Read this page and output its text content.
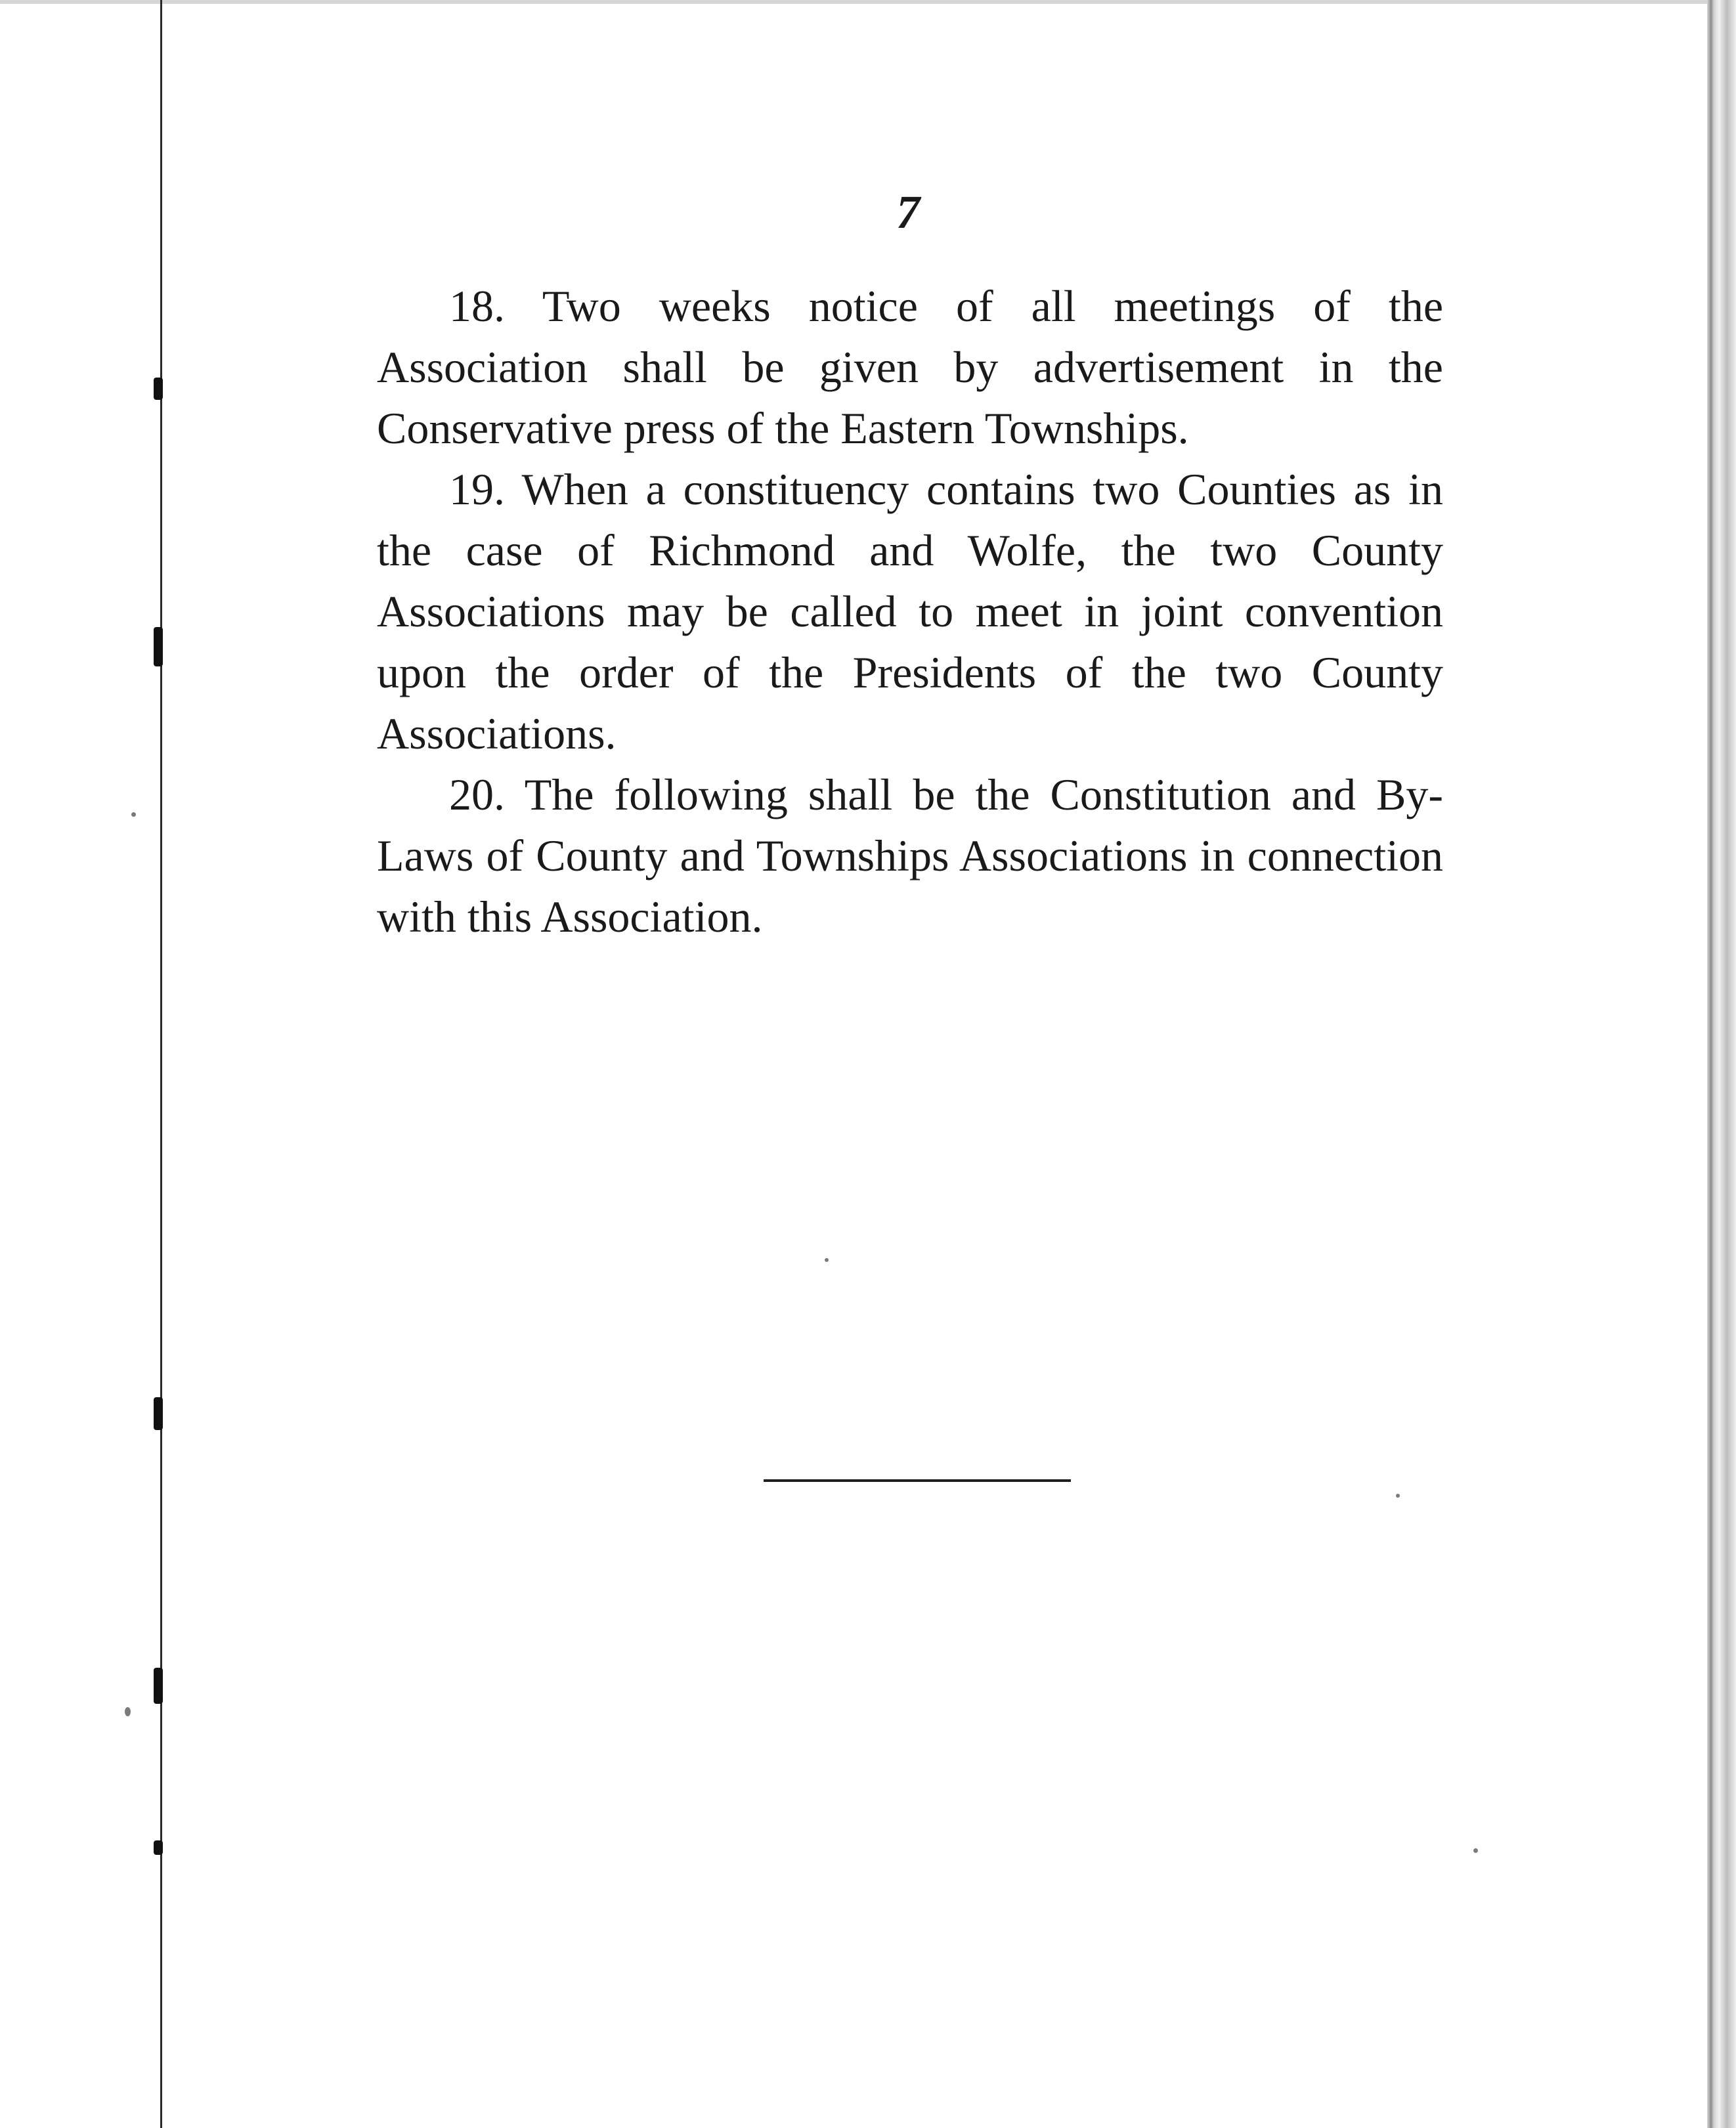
7

18. Two weeks notice of all meetings of the Association shall be given by advertisement in the Conservative press of the Eastern Townships.

19. When a constituency contains two Counties as in the case of Richmond and Wolfe, the two County Associations may be called to meet in joint convention upon the order of the Presidents of the two County Associations.

20. The following shall be the Constitution and By-Laws of County and Townships Associations in connection with this Association.
